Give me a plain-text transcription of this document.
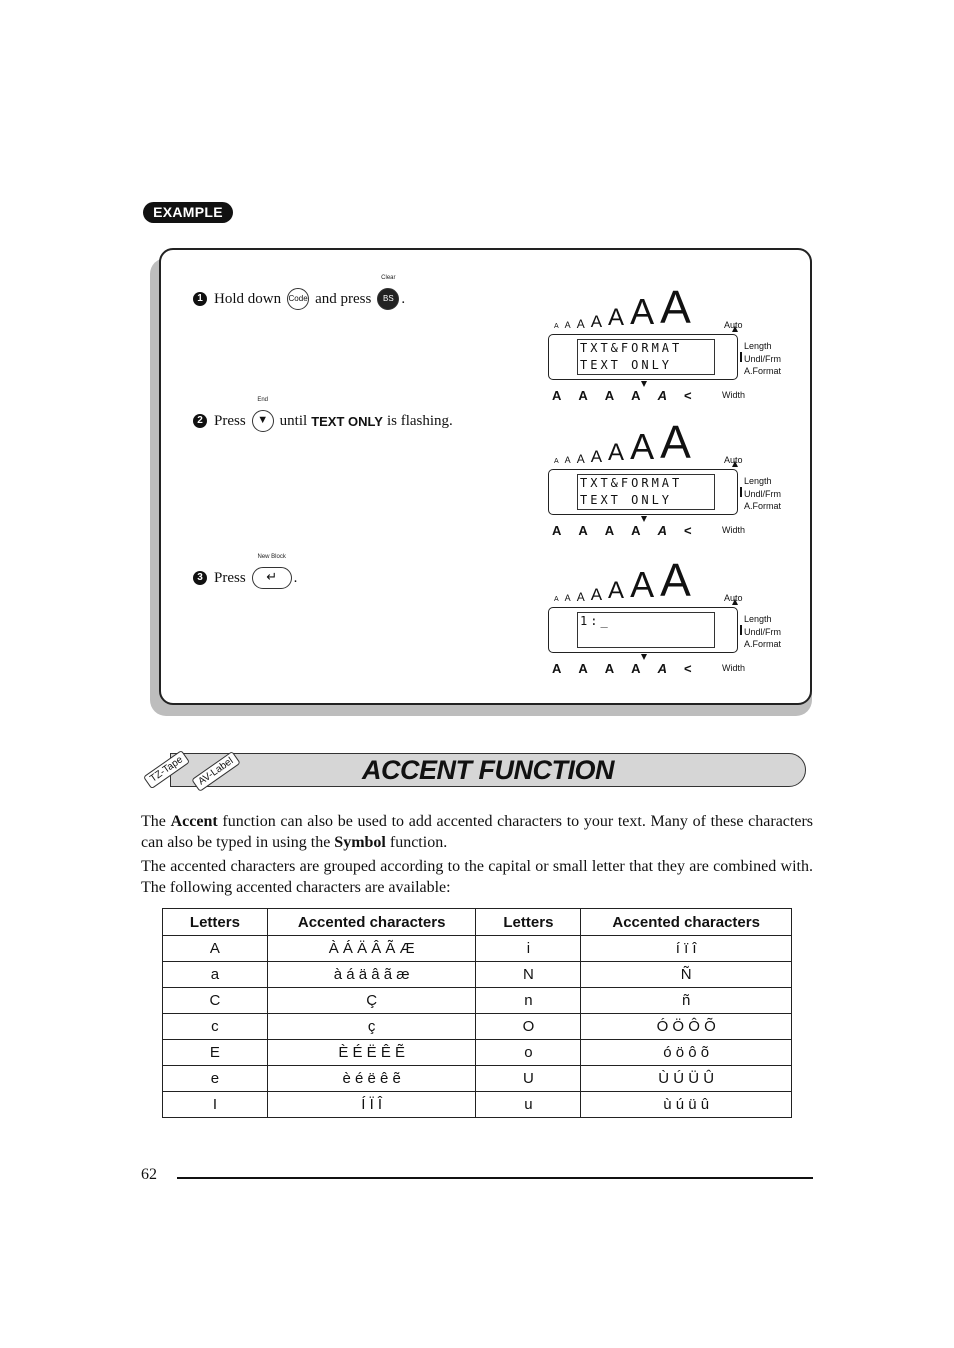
EXAMPLE
1 Hold down Code and press
Clear
BS .
2 Press
End
▼ until TEXT ONLY is flashing.
3 Press
New Block
↵	.
A A A A A A A	Auto
TXT&FORMAT
TEXT ONLY
Length
Undl/Frm
A.Format
A A A A A <	Width
A A A A A A A	Auto
TXT&FORMAT
TEXT ONLY
Length
Undl/Frm
A.Format
A A A A A <	Width
A A A A A A A	Auto
1:_	Length
Undl/Frm
A.Format
A A A A A <	Width
ACCENT FUNCTION
TZ-Tape	AV-Label
The Accent function can also be used to add accented characters to your text. Many of these characters can also be typed in using the Symbol function.
The accented characters are grouped according to the capital or small letter that they are combined with. The following accented characters are available:
Letters	Accented characters	Letters	Accented characters
A	À Á Ä Â Ã Æ	i	í ï î
a	à á ä â ã æ	N	Ñ
C	Ç	n	ñ
c	ç	O	Ó Ö Ô Õ
E	È É Ë Ê Ẽ	o	ó ö ô õ
e	è é ë ê ẽ	U	Ù Ú Ü Û
I	Í Ï Î	u	ù ú ü û
62
